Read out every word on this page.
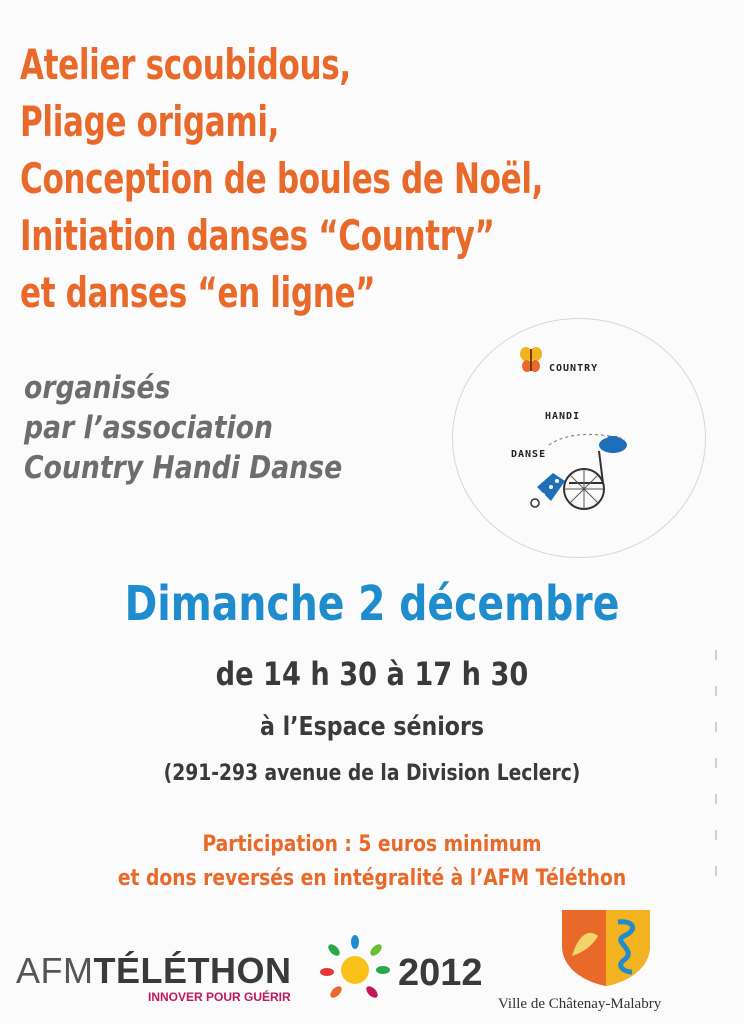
Atelier scoubidous,
Pliage origami,
Conception de boules de Noël,
Initiation danses “Country”
et danses “en ligne”
organisés
par l’association
Country Handi Danse
COUNTRY
HANDI
DANSE
Dimanche 2 décembre
de 14 h 30 à 17 h 30
à l’Espace séniors
(291-293 avenue de la Division Leclerc)
Participation : 5 euros minimum
et dons reversés en intégralité à l’AFM Téléthon
AFMTÉLÉTHON
INNOVER POUR GUÉRIR
2012
Ville de Châtenay-Malabry
